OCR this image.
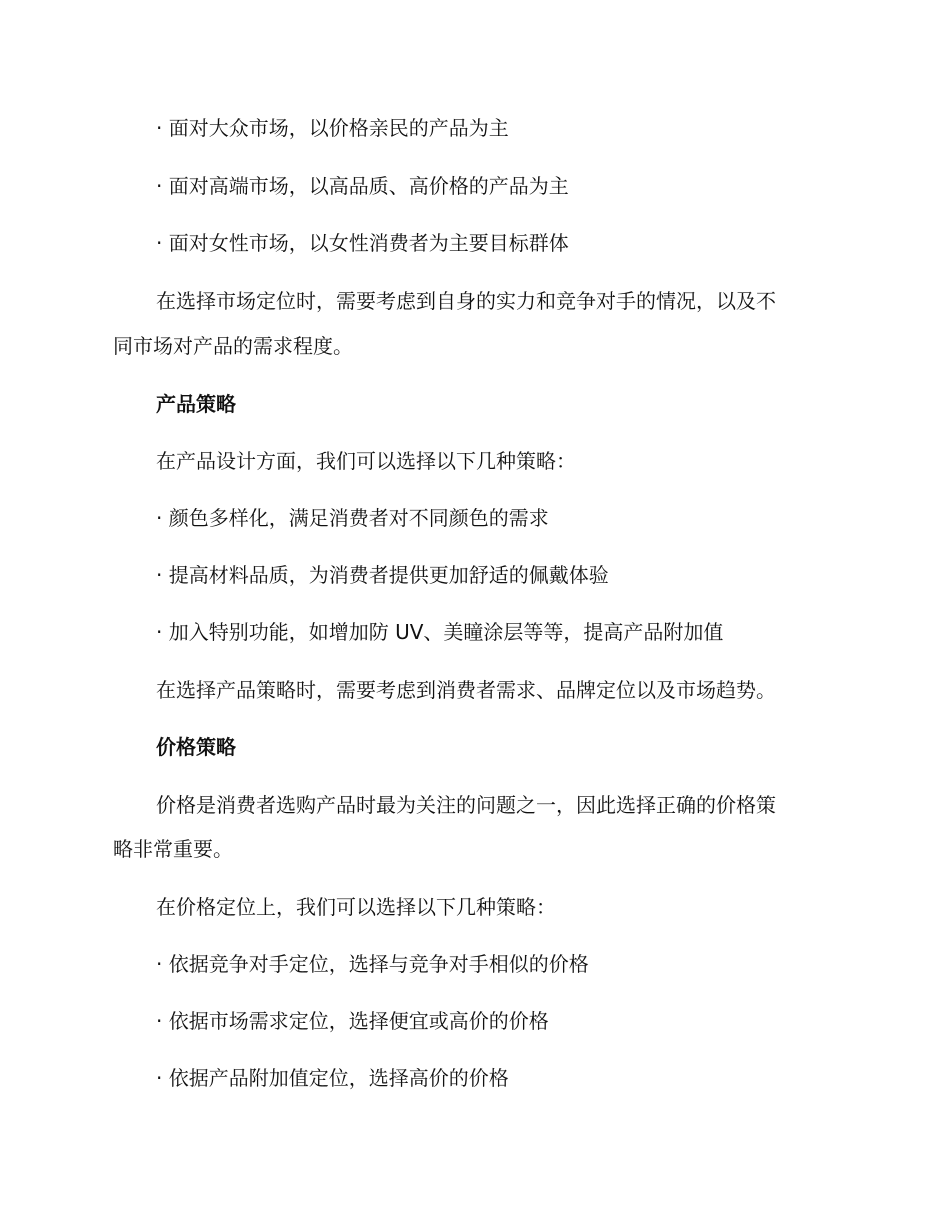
· 面对大众市场，以价格亲民的产品为主
· 面对高端市场，以高品质、高价格的产品为主
· 面对女性市场，以女性消费者为主要目标群体
在选择市场定位时，需要考虑到自身的实力和竞争对手的情况，以及不
同市场对产品的需求程度。
产品策略
在产品设计方面，我们可以选择以下几种策略：
· 颜色多样化，满足消费者对不同颜色的需求
· 提高材料品质，为消费者提供更加舒适的佩戴体验
· 加入特别功能，如增加防 UV、美瞳涂层等等，提高产品附加值
在选择产品策略时，需要考虑到消费者需求、品牌定位以及市场趋势。
价格策略
价格是消费者选购产品时最为关注的问题之一，因此选择正确的价格策
略非常重要。
在价格定位上，我们可以选择以下几种策略：
· 依据竞争对手定位，选择与竞争对手相似的价格
· 依据市场需求定位，选择便宜或高价的价格
· 依据产品附加值定位，选择高价的价格
